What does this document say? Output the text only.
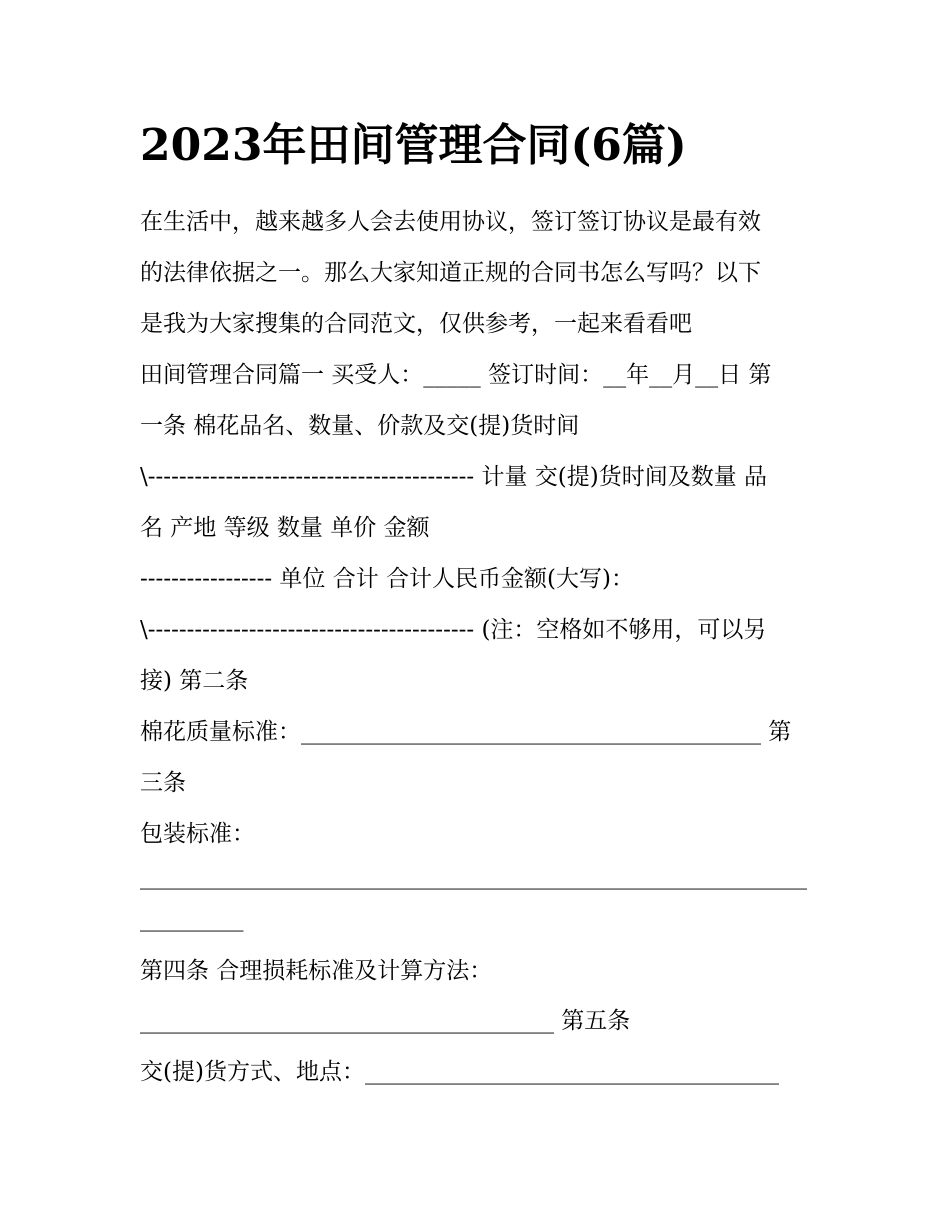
2023年田间管理合同(6篇)

在生活中，越来越多人会去使用协议，签订签订协议是最有效

的法律依据之一。那么大家知道正规的合同书怎么写吗？以下

是我为大家搜集的合同范文，仅供参考，一起来看看吧

田间管理合同篇一 买受人：_____ 签订时间：__年__月__日 第

一条 棉花品名、数量、价款及交(提)货时间

\------------------------------------------ 计量 交(提)货时间及数量 品

名 产地 等级 数量 单价 金额

----------------- 单位 合计 合计人民币金额(大写)：

\------------------------------------------ (注：空格如不够用，可以另

接) 第二条

棉花质量标准：________________________________________ 第

三条

包装标准：

__________________________________________________________

_________

第四条 合理损耗标准及计算方法：

____________________________________ 第五条

交(提)货方式、地点：____________________________________
